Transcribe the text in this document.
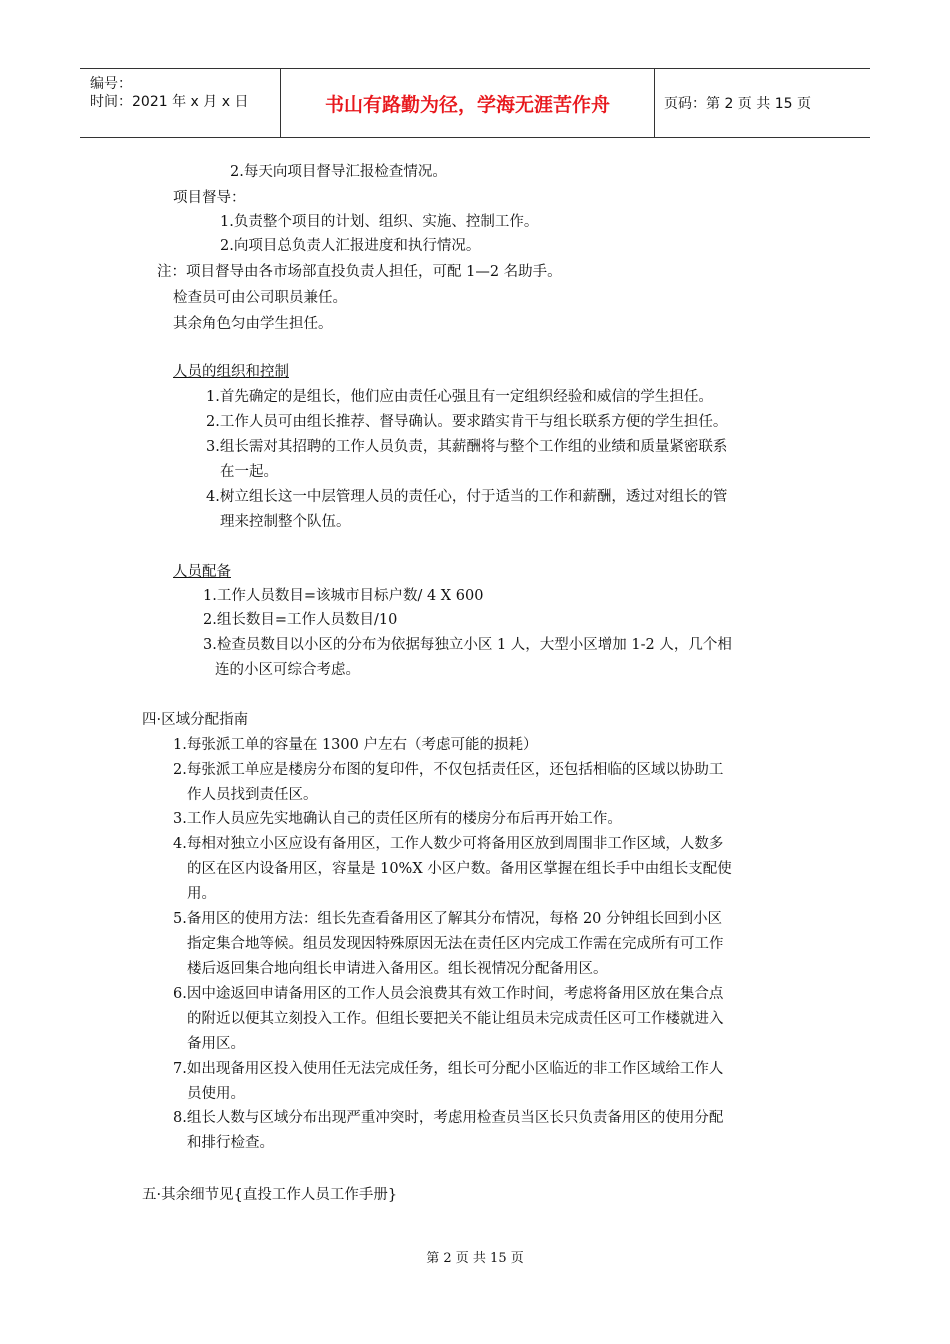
编号：
时间：2021 年 x 月 x 日	书山有路勤为径，学海无涯苦作舟	页码：第 2 页 共 15 页
2.每天向项目督导汇报检查情况。
项目督导：
1.负责整个项目的计划、组织、实施、控制工作。
2.向项目总负责人汇报进度和执行情况。
注：项目督导由各市场部直投负责人担任，可配 1—2 名助手。
检查员可由公司职员兼任。
其余角色匀由学生担任。
人员的组织和控制
1.首先确定的是组长，他们应由责任心强且有一定组织经验和威信的学生担任。
2.工作人员可由组长推荐、督导确认。要求踏实肯干与组长联系方便的学生担任。
3.组长需对其招聘的工作人员负责，其薪酬将与整个工作组的业绩和质量紧密联系
在一起。
4.树立组长这一中层管理人员的责任心，付于适当的工作和薪酬，透过对组长的管
理来控制整个队伍。
人员配备
1.工作人员数目=该城市目标户数/ 4 X 600
2.组长数目=工作人员数目/10
3.检查员数目以小区的分布为依据每独立小区 1 人，大型小区增加 1-2 人，几个相
连的小区可综合考虑。
四·区域分配指南
1.每张派工单的容量在 1300 户左右（考虑可能的损耗）
2.每张派工单应是楼房分布图的复印件，不仅包括责任区，还包括相临的区域以协助工
作人员找到责任区。
3.工作人员应先实地确认自己的责任区所有的楼房分布后再开始工作。
4.每相对独立小区应设有备用区，工作人数少可将备用区放到周围非工作区域，人数多
的区在区内设备用区，容量是 10%X 小区户数。备用区掌握在组长手中由组长支配使
用。
5.备用区的使用方法：组长先查看备用区了解其分布情况，每格 20 分钟组长回到小区
指定集合地等候。组员发现因特殊原因无法在责任区内完成工作需在完成所有可工作
楼后返回集合地向组长申请进入备用区。组长视情况分配备用区。
6.因中途返回申请备用区的工作人员会浪费其有效工作时间，考虑将备用区放在集合点
的附近以便其立刻投入工作。但组长要把关不能让组员未完成责任区可工作楼就进入
备用区。
7.如出现备用区投入使用任无法完成任务，组长可分配小区临近的非工作区域给工作人
员使用。
8.组长人数与区域分布出现严重冲突时，考虑用检查员当区长只负责备用区的使用分配
和排行检查。
五·其余细节见{直投工作人员工作手册}
第 2 页 共 15 页
